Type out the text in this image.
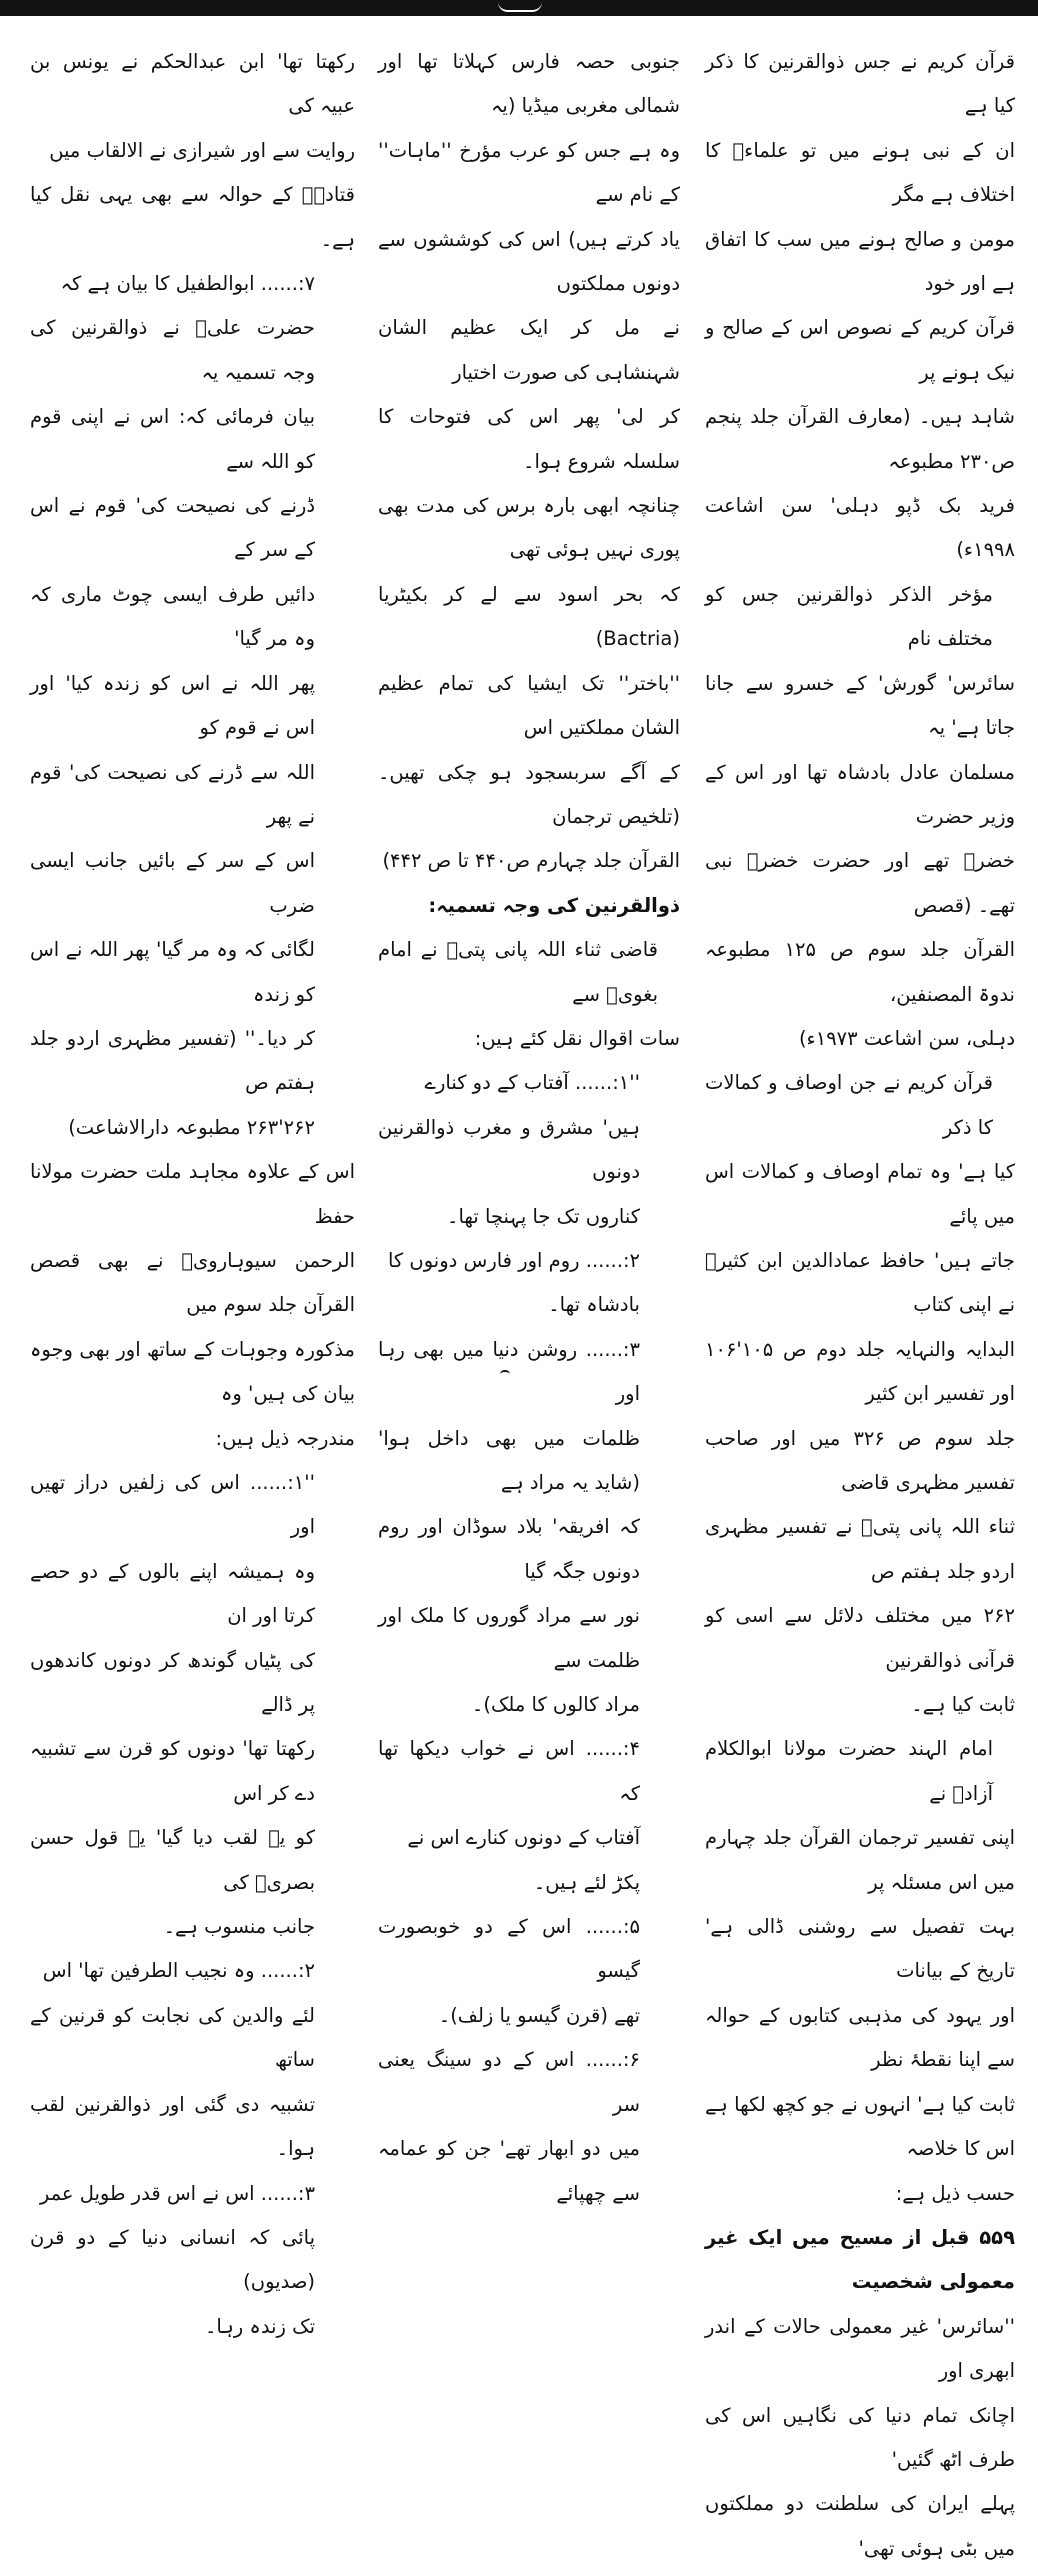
قرآن کریم نے جس ذوالقرنین کا ذکر کیا ہے

ان کے نبی ہونے میں تو علماءؒ کا اختلاف ہے مگر

مومن و صالح ہونے میں سب کا اتفاق ہے اور خود

قرآن کریم کے نصوص اس کے صالح و نیک ہونے پر

شاہد ہیں۔ (معارف القرآن جلد پنجم ص۲۳۰ مطبوعہ

فرید بک ڈپو دہلی' سن اشاعت ۱۹۹۸ء)

مؤخر الذکر ذوالقرنین جس کو مختلف نام

سائرس' گورش' کے خسرو سے جانا جاتا ہے' یہ

مسلمان عادل بادشاہ تھا اور اس کے وزیر حضرت

خضرؑ تھے اور حضرت خضرؑ نبی تھے۔ (قصص

القرآن جلد سوم ص ۱۲۵ مطبوعہ ندوۃ المصنفین،

دہلی، سن اشاعت ۱۹۷۳ء)

قرآن کریم نے جن اوصاف و کمالات کا ذکر

کیا ہے' وہ تمام اوصاف و کمالات اس میں پائے

جاتے ہیں' حافظ عمادالدین ابن کثیرؒ نے اپنی کتاب

البدایہ والنہایہ جلد دوم ص ۱۰۵'۱۰۶ اور تفسیر ابن کثیر

جلد سوم ص ۳۲۶ میں اور صاحب تفسیر مظہری قاضی

ثناء اللہ پانی پتیؒ نے تفسیر مظہری اردو جلد ہفتم ص

۲۶۲ میں مختلف دلائل سے اسی کو قرآنی ذوالقرنین

ثابت کیا ہے۔

امام الہند حضرت مولانا ابوالکلام آزادؒ نے

اپنی تفسیر ترجمان القرآن جلد چہارم میں اس مسئلہ پر

بہت تفصیل سے روشنی ڈالی ہے' تاریخ کے بیانات

اور یہود کی مذہبی کتابوں کے حوالہ سے اپنا نقطۂ نظر

ثابت کیا ہے' انہوں نے جو کچھ لکھا ہے اس کا خلاصہ

حسب ذیل ہے:

۵۵۹ قبل از مسیح میں ایک غیر معمولی شخصیت

''سائرس' غیر معمولی حالات کے اندر ابھری اور

اچانک تمام دنیا کی نگاہیں اس کی طرف اٹھ گئیں'

پہلے ایران کی سلطنت دو مملکتوں میں بٹی ہوئی تھی'

جنوبی حصہ فارس کہلاتا تھا اور شمالی مغربی میڈیا (یہ

وہ ہے جس کو عرب مؤرخ ''ماہات'' کے نام سے

یاد کرتے ہیں) اس کی کوششوں سے دونوں مملکتوں

نے مل کر ایک عظیم الشان شہنشاہی کی صورت اختیار

کر لی' پھر اس کی فتوحات کا سلسلہ شروع ہوا۔

چنانچہ ابھی بارہ برس کی مدت بھی پوری نہیں ہوئی تھی

کہ بحر اسود سے لے کر بکیٹریا (Bactria)

''باختر'' تک ایشیا کی تمام عظیم الشان مملکتیں اس

کے آگے سربسجود ہو چکی تھیں۔ (تلخیص ترجمان

القرآن جلد چہارم ص۴۴۰ تا ص ۴۴۲)

ذوالقرنین کی وجہ تسمیہ:

قاضی ثناء اللہ پانی پتیؒ نے امام بغویؒ سے

سات اقوال نقل کئے ہیں:

''۱:...... آفتاب کے دو کنارے

ہیں' مشرق و مغرب ذوالقرنین دونوں

کناروں تک جا پہنچا تھا۔

۲:...... روم اور فارس دونوں کا

بادشاہ تھا۔

۳:...... روشن دنیا میں بھی رہا اور

ظلمات میں بھی داخل ہوا' (شاید یہ مراد ہے

کہ افریقہ' بلاد سوڈان اور روم دونوں جگہ گیا

نور سے مراد گوروں کا ملک اور ظلمت سے

مراد کالوں کا ملک)۔

۴:...... اس نے خواب دیکھا تھا کہ

آفتاب کے دونوں کنارے اس نے

پکڑ لئے ہیں۔

۵:...... اس کے دو خوبصورت گیسو

تھے (قرن گیسو یا زلف)۔

۶:...... اس کے دو سینگ یعنی سر

میں دو ابھار تھے' جن کو عمامہ سے چھپائے

رکھتا تھا' ابن عبدالحکم نے یونس بن عبیہ کی

روایت سے اور شیرازی نے الالقاب میں

قتادہؒ کے حوالہ سے بھی یہی نقل کیا ہے۔

۷:...... ابوالطفیل کا بیان ہے کہ

حضرت علیؓ نے ذوالقرنین کی وجہ تسمیہ یہ

بیان فرمائی کہ: اس نے اپنی قوم کو اللہ سے

ڈرنے کی نصیحت کی' قوم نے اس کے سر کے

دائیں طرف ایسی چوٹ ماری کہ وہ مر گیا'

پھر اللہ نے اس کو زندہ کیا' اور اس نے قوم کو

اللہ سے ڈرنے کی نصیحت کی' قوم نے پھر

اس کے سر کے بائیں جانب ایسی ضرب

لگائی کہ وہ مر گیا' پھر اللہ نے اس کو زندہ

کر دیا۔'' (تفسیر مظہری اردو جلد ہفتم ص

۲۶۲'۲۶۳ مطبوعہ دارالاشاعت)

اس کے علاوہ مجاہد ملت حضرت مولانا حفظ

الرحمن سیوہارویؒ نے بھی قصص القرآن جلد سوم میں

مذکورہ وجوہات کے ساتھ اور بھی وجوہ بیان کی ہیں' وہ

مندرجہ ذیل ہیں:

''۱:...... اس کی زلفیں دراز تھیں اور

وہ ہمیشہ اپنے بالوں کے دو حصے کرتا اور ان

کی پٹیاں گوندھ کر دونوں کاندھوں پر ڈالے

رکھتا تھا' دونوں کو قرن سے تشبیہ دے کر اس

کو یہ لقب دیا گیا' یہ قول حسن بصریؒ کی

جانب منسوب ہے۔

۲:...... وہ نجیب الطرفین تھا' اس

لئے والدین کی نجابت کو قرنین کے ساتھ

تشبیہ دی گئی اور ذوالقرنین لقب ہوا۔

۳:...... اس نے اس قدر طویل عمر

پائی کہ انسانی دنیا کے دو قرن (صدیوں)

تک زندہ رہا۔
